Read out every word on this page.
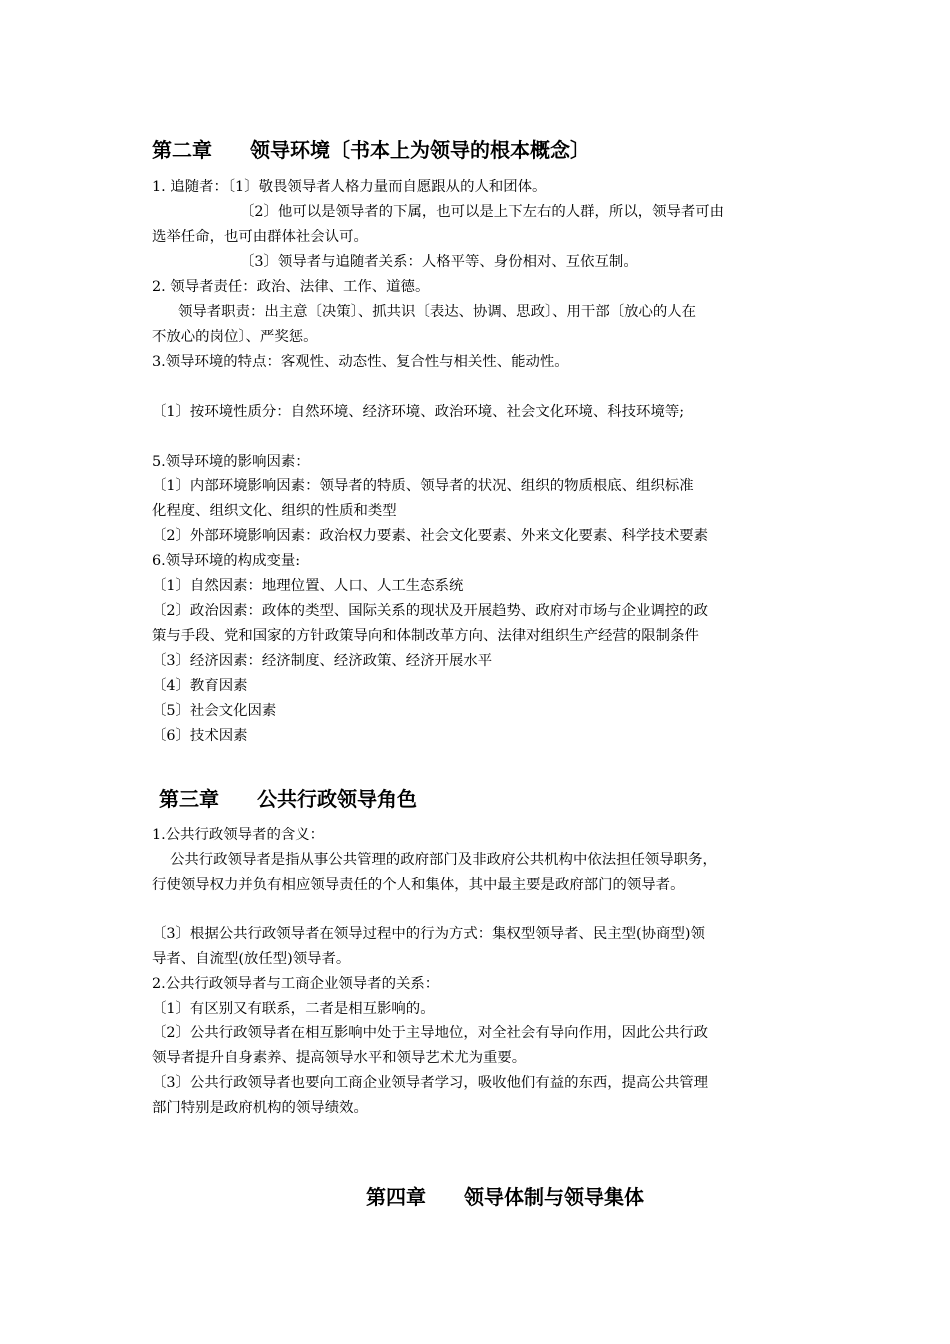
第二章 领导环境〔书本上为领导的根本概念〕
1. 追随者：〔1〕敬畏领导者人格力量而自愿跟从的人和团体。
〔2〕他可以是领导者的下属，也可以是上下左右的人群，所以，领导者可由
选举任命，也可由群体社会认可。
〔3〕领导者与追随者关系：人格平等、身份相对、互依互制。
2. 领导者责任：政治、法律、工作、道德。
领导者职责：出主意〔决策〕、抓共识〔表达、协调、思政〕、用干部〔放心的人在
不放心的岗位〕、严奖惩。
3.领导环境的特点：客观性、动态性、复合性与相关性、能动性。
〔1〕按环境性质分：自然环境、经济环境、政治环境、社会文化环境、科技环境等;
5.领导环境的影响因素：
〔1〕内部环境影响因素：领导者的特质、领导者的状况、组织的物质根底、组织标准
化程度、组织文化、组织的性质和类型
〔2〕外部环境影响因素：政治权力要素、社会文化要素、外来文化要素、科学技术要素
6.领导环境的构成变量:
〔1〕自然因素：地理位置、人口、人工生态系统
〔2〕政治因素：政体的类型、国际关系的现状及开展趋势、政府对市场与企业调控的政
策与手段、党和国家的方针政策导向和体制改革方向、法律对组织生产经营的限制条件
〔3〕经济因素：经济制度、经济政策、经济开展水平
〔4〕教育因素
〔5〕社会文化因素
〔6〕技术因素
第三章 公共行政领导角色
1.公共行政领导者的含义：
公共行政领导者是指从事公共管理的政府部门及非政府公共机构中依法担任领导职务，
行使领导权力并负有相应领导责任的个人和集体，其中最主要是政府部门的领导者。
〔3〕根据公共行政领导者在领导过程中的行为方式：集权型领导者、民主型(协商型)领
导者、自流型(放任型)领导者。
2.公共行政领导者与工商企业领导者的关系：
〔1〕有区别又有联系，二者是相互影响的。
〔2〕公共行政领导者在相互影响中处于主导地位，对全社会有导向作用，因此公共行政
领导者提升自身素养、提高领导水平和领导艺术尤为重要。
〔3〕公共行政领导者也要向工商企业领导者学习，吸收他们有益的东西，提高公共管理
部门特别是政府机构的领导绩效。
第四章 领导体制与领导集体
